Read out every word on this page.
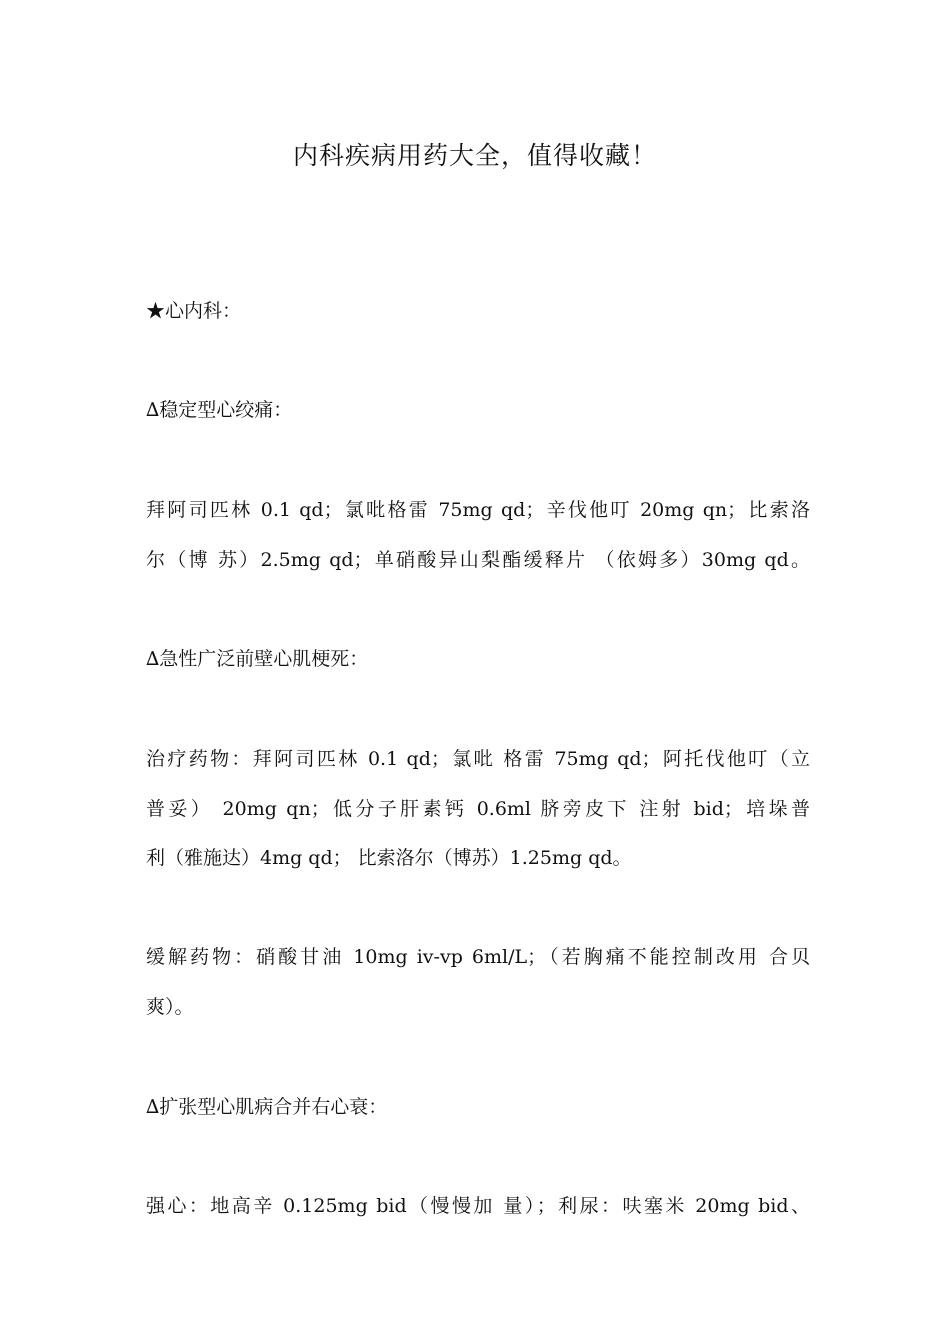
内科疾病用药大全，值得收藏！
★心内科：
∆稳定型心绞痛：
拜阿司匹林 0.1 qd；氯吡格雷 75mg qd；辛伐他叮 20mg qn；比索洛
尔（博 苏）2.5mg qd；单硝酸异山梨酯缓释片 （依姆多）30mg qd。
∆急性广泛前壁心肌梗死：
治疗药物：拜阿司匹林 0.1 qd；氯吡 格雷 75mg qd；阿托伐他叮（立
普妥） 20mg qn；低分子肝素钙 0.6ml 脐旁皮下 注射 bid；培垛普
利（雅施达）4mg qd； 比索洛尔（博苏）1.25mg qd。
缓解药物：硝酸甘油 10mg iv-vp 6ml/L；（若胸痛不能控制改用 合贝
爽）。
∆扩张型心肌病合并右心衰：
强心：地高辛 0.125mg bid（慢慢加 量）；利尿：呋塞米 20mg bid、
